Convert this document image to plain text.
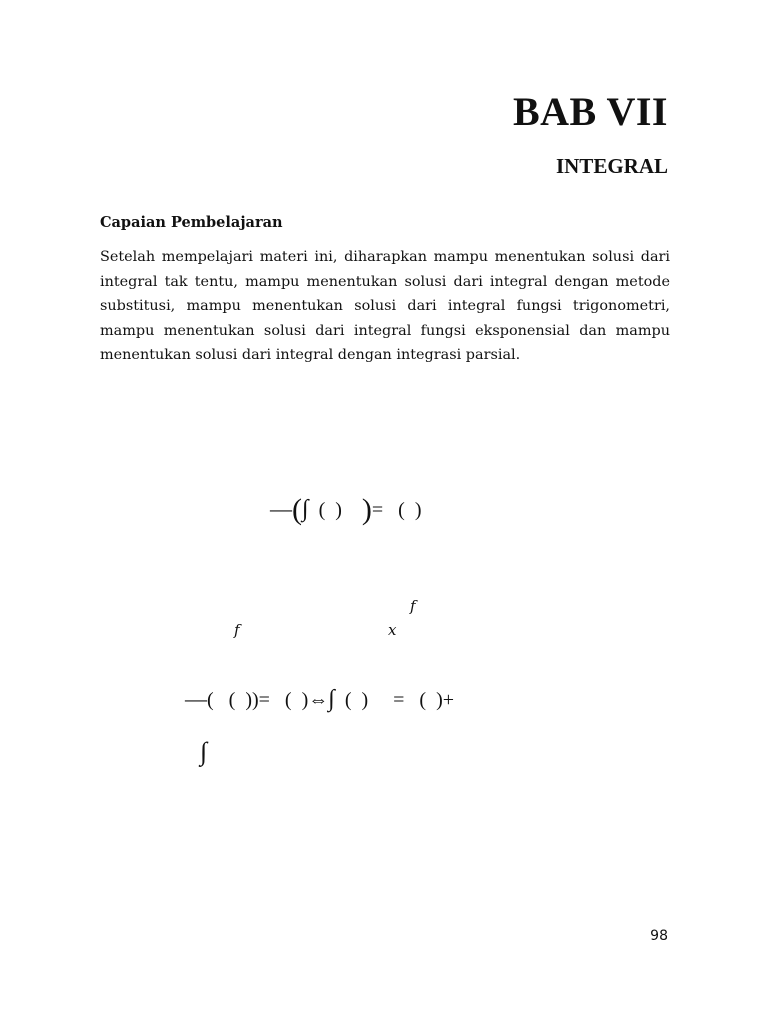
BAB VII
INTEGRAL
Capaian Pembelajaran

Setelah mempelajari materi ini, diharapkan mampu menentukan solusi dari integral tak tentu, mampu menentukan solusi dari integral dengan metode substitusi, mampu menentukan solusi dari integral fungsi trigonometri, mampu menentukan solusi dari integral fungsi eksponensial dan mampu menentukan solusi dari integral dengan integrasi parsial.

—(∫  (  )    )=   (  )
𝑓
𝑓	𝑥
—(   (  ))=   (  )⇔∫  (  )     =   (  )+
∫
98
